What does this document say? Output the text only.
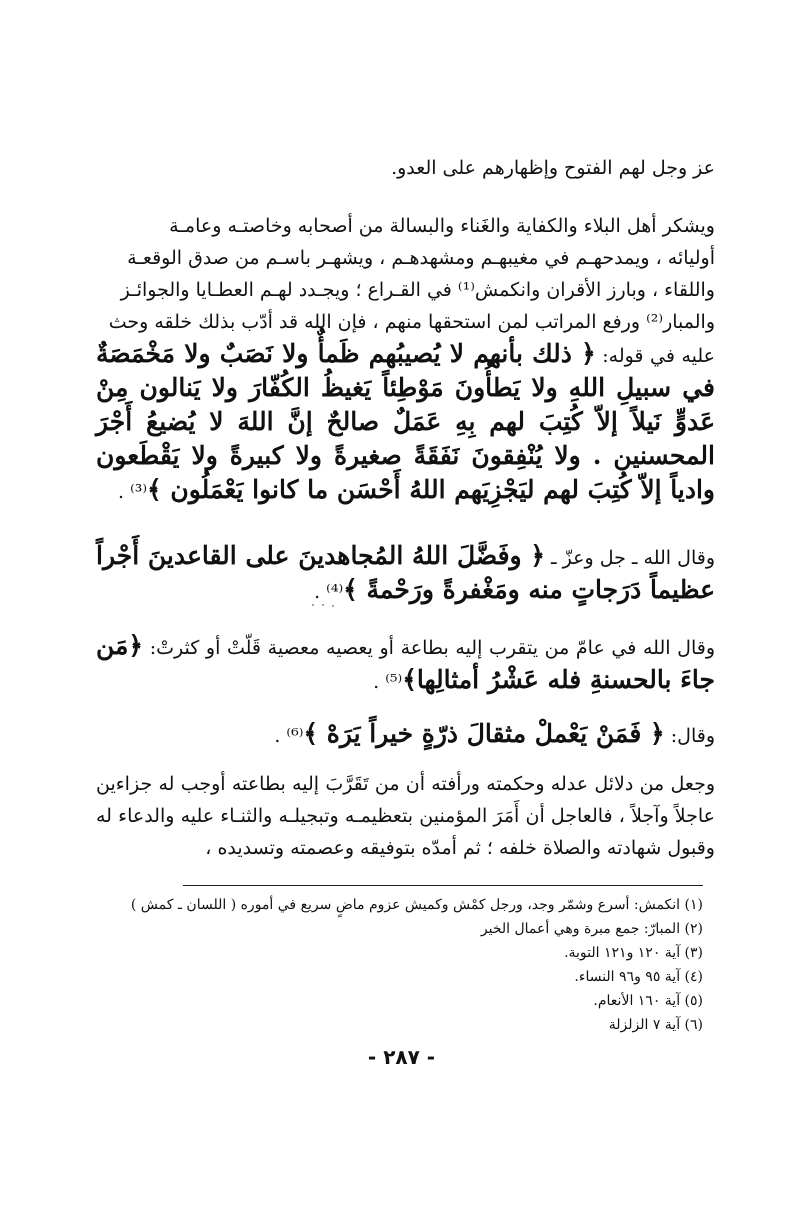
عز وجل لهم الفتوح وإظهارهم على العدو.
ويشكر أهل البلاء والكفاية والغَناء والبسالة من أصحابه وخاصتـه وعامـة
أوليائه ، ويمدحهـم في مغيبهـم ومشهدهـم ، ويشهـر باسـم من صدق الوقعـة
واللقاء ، وبارز الأقران وانكمش⁽¹⁾ في القـراع ؛ ويجـدد لهـم العطـايا والجوائـز
والمبار⁽²⁾ ورفع المراتب لمن استحقها منهم ، فإن الله قد أدّب بذلك خلقه وحث
عليه في قوله: ﴿ ذلك بأنهم لا يُصيبُهم ظَمأٌ ولا نَصَبٌ ولا مَخْمَصَةٌ في سبيلِ اللهِ ولا يَطأُونَ مَوْطِئاً يَغيظُ الكُفّارَ ولا يَنالون مِنْ عَدوٍّ نَيلاً إلاّ كُتِبَ لهم بِهِ عَمَلٌ صالحٌ إنَّ اللهَ لا يُضيعُ أَجْرَ المحسنين . ولا يُنْفِقونَ نَفَقَةً صغيرةً ولا كبيرةً ولا يَقْطَعون وادياً إلاّ كُتِبَ لهم ليَجْزِيَهم اللهُ أَحْسَن ما كانوا يَعْمَلُون ﴾⁽³⁾ .
وقال الله ـ جل وعزّ ـ ﴿ وفَضَّلَ اللهُ المُجاهدينَ على القاعدينَ أَجْراً عظيماً دَرَجاتٍ منه ومَغْفرةً ورَحْمةً ﴾⁽⁴⁾ .
وقال الله في عامّ من يتقرب إليه بطاعة أو يعصيه معصية قَلّتْ أو كثرتْ: ﴿مَن جاءَ بالحسنةِ فله عَشْرُ أمثالِها﴾⁽⁵⁾ .
وقال: ﴿ فَمَنْ يَعْملْ مثقالَ ذرّةٍ خيراً يَرَهْ ﴾⁽⁶⁾ .
وجعل من دلائل عدله وحكمته ورأفته أن من تَقَرَّبَ إليه بطاعته أوجب له جزاءين عاجلاً وآجلاً ، فالعاجل أن أَمَرَ المؤمنين بتعظيمـه وتبجيلـه والثنـاء عليه والدعاء له وقبول شهادته والصلاة خلفه ؛ ثم أمدّه بتوفيقه وعصمته وتسديده ،
(١) انكمش: أسرع وشمّر وجد، ورجل كمْش وكميش عزوم ماضٍ سريع في أموره ( اللسان ـ كمش )
(٢) المبارّ: جمع مبرة وهي أعمال الخير
(٣) آية ١٢٠ و١٢١ التوبة.
(٤) آية ٩٥ و٩٦ النساء.
(٥) آية ١٦٠ الأنعام.
(٦) آية ٧ الزلزلة
- ٢٨٧ -
